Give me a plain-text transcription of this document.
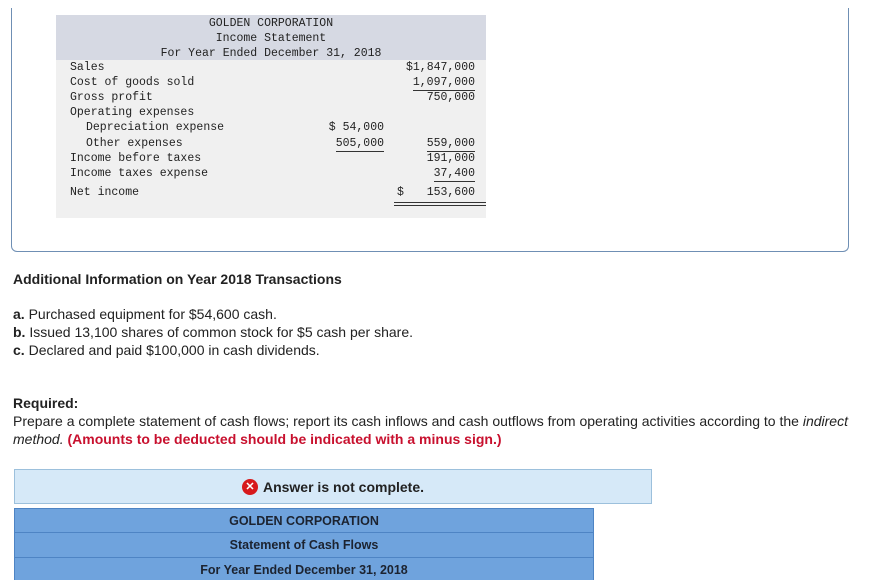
GOLDEN CORPORATION
Income Statement
For Year Ended December 31, 2018
Sales	$1,847,000
Cost of goods sold	1,097,000
Gross profit	750,000
Operating expenses
Depreciation expense	$ 54,000
Other expenses	505,000	559,000
Income before taxes	191,000
Income taxes expense	37,400
Net income	$ 153,600
Additional Information on Year 2018 Transactions
a. Purchased equipment for $54,600 cash.
b. Issued 13,100 shares of common stock for $5 cash per share.
c. Declared and paid $100,000 in cash dividends.
Required:
Prepare a complete statement of cash flows; report its cash inflows and cash outflows from operating activities according to the indirect method. (Amounts to be deducted should be indicated with a minus sign.)
✕ Answer is not complete.
GOLDEN CORPORATION
Statement of Cash Flows
For Year Ended December 31, 2018
